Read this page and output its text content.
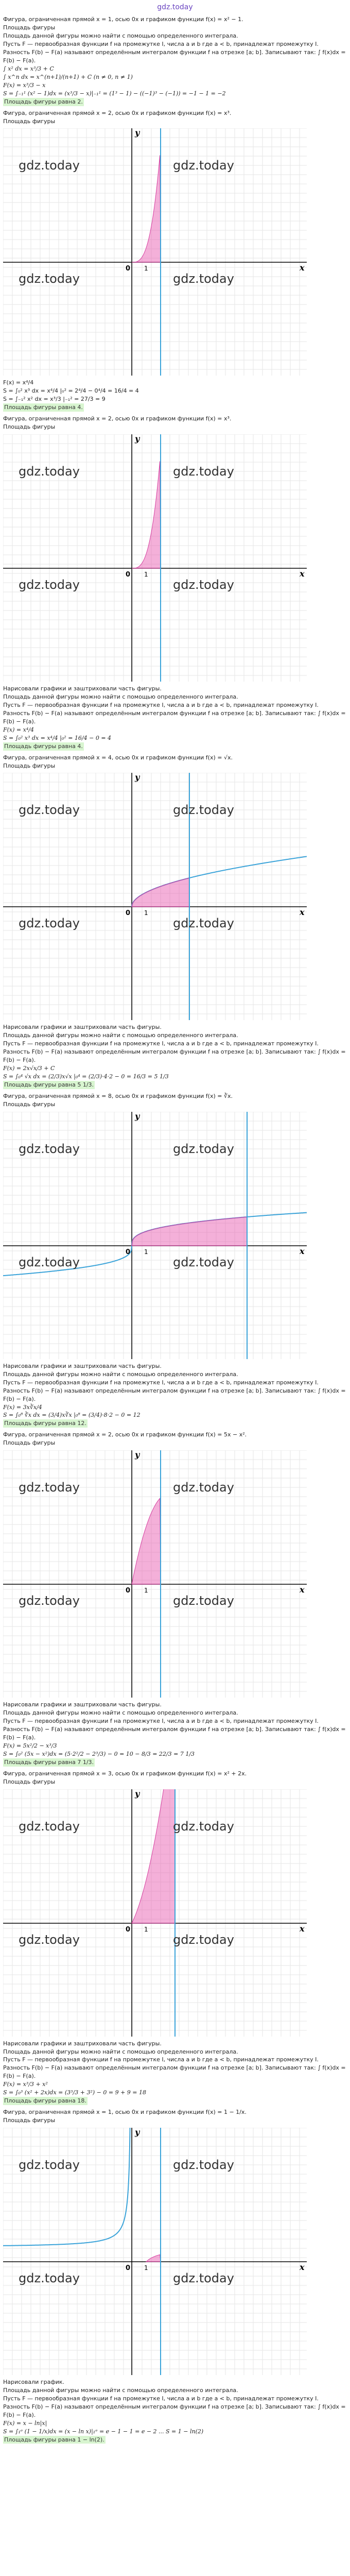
gdz.today

Фигура, ограниченная прямой x = 1, осью 0x и графиком функции f(x) = x² − 1.

Площадь фигуры

Площадь данной фигуры можно найти с помощью определенного интеграла.

Пусть F — первообразная функции f на промежутке I, числа a и b где a < b, принадлежат промежутку I. Разность F(b) − F(a) называют определённым интегралом функции f на отрезке [a; b]. Записывают так: ∫ f(x)dx = F(b) − F(a).

∫ x² dx = x³/3 + C

∫ x^n dx = x^(n+1)/(n+1) + C (n ≠ 0, n ≠ 1)

F(x) = x³/3 − x

S = ∫₋₁¹ (x² − 1)dx = (x³/3 − x)|₋₁¹ = (1³ − 1) − ((−1)³ − (−1)) = −1 − 1 = −2

Площадь фигуры равна 2.

Фигура, ограниченная прямой x = 2, осью 0x и графиком функции f(x) = x³.

Площадь фигуры

x
y
0 1
gdz.today	gdz.today
gdz.today	gdz.today

F(x) = x⁴/4

S = ∫₀² x³ dx = x⁴/4 |₀² = 2⁴/4 − 0⁴/4 = 16/4 = 4

S = ∫₋₁² x² dx = x³/3 |₋₁² = 27/3 = 9

Площадь фигуры равна 4.

Фигура, ограниченная прямой x = 2, осью 0x и графиком функции f(x) = x³.

Площадь фигуры

x
y
0 1
gdz.today	gdz.today
gdz.today	gdz.today

Нарисовали графики и заштриховали часть фигуры.

Площадь данной фигуры можно найти с помощью определенного интеграла.

Пусть F — первообразная функции f на промежутке I, числа a и b где a < b, принадлежат промежутку I. Разность F(b) − F(a) называют определённым интегралом функции f на отрезке [a; b]. Записывают так: ∫ f(x)dx = F(b) − F(a).

F(x) = x⁴/4

S = ∫₀² x³ dx = x⁴/4 |₀² = 16/4 − 0 = 4

Площадь фигуры равна 4.

Фигура, ограниченная прямой x = 4, осью 0x и графиком функции f(x) = √x.

Площадь фигуры

x
y
0 1
gdz.today	gdz.today
gdz.today	gdz.today

Нарисовали графики и заштриховали часть фигуры.

Площадь данной фигуры можно найти с помощью определенного интеграла.

Пусть F — первообразная функции f на промежутке I, числа a и b где a < b, принадлежат промежутку I. Разность F(b) − F(a) называют определённым интегралом функции f на отрезке [a; b]. Записывают так: ∫ f(x)dx = F(b) − F(a).

F(x) = 2x√x/3 + C

S = ∫₀⁴ √x dx = (2/3)x√x |₀⁴ = (2/3)·4·2 − 0 = 16/3 = 5 1/3

Площадь фигуры равна 5 1/3.

Фигура, ограниченная прямой x = 8, осью 0x и графиком функции f(x) = ∛x.

Площадь фигуры

x
y
0 1
gdz.today	gdz.today
gdz.today	gdz.today

Нарисовали графики и заштриховали часть фигуры.

Площадь данной фигуры можно найти с помощью определенного интеграла.

Пусть F — первообразная функции f на промежутке I, числа a и b где a < b, принадлежат промежутку I. Разность F(b) − F(a) называют определённым интегралом функции f на отрезке [a; b]. Записывают так: ∫ f(x)dx = F(b) − F(a).

F(x) = 3x∛x/4

S = ∫₀⁸ ∛x dx = (3/4)x∛x |₀⁸ = (3/4)·8·2 − 0 = 12

Площадь фигуры равна 12.

Фигура, ограниченная прямой x = 2, осью 0x и графиком функции f(x) = 5x − x².

Площадь фигуры

x
y
0 1
gdz.today	gdz.today
gdz.today	gdz.today

Нарисовали графики и заштриховали часть фигуры.

Площадь данной фигуры можно найти с помощью определенного интеграла.

Пусть F — первообразная функции f на промежутке I, числа a и b где a < b, принадлежат промежутку I. Разность F(b) − F(a) называют определённым интегралом функции f на отрезке [a; b]. Записывают так: ∫ f(x)dx = F(b) − F(a).

F(x) = 5x²/2 − x³/3

S = ∫₀² (5x − x²)dx = (5·2²/2 − 2³/3) − 0 = 10 − 8/3 = 22/3 = 7 1/3

Площадь фигуры равна 7 1/3.

Фигура, ограниченная прямой x = 3, осью 0x и графиком функции f(x) = x² + 2x.

Площадь фигуры

x
y
0 1
gdz.today	gdz.today
gdz.today	gdz.today

Нарисовали графики и заштриховали часть фигуры.

Площадь данной фигуры можно найти с помощью определенного интеграла.

Пусть F — первообразная функции f на промежутке I, числа a и b где a < b, принадлежат промежутку I. Разность F(b) − F(a) называют определённым интегралом функции f на отрезке [a; b]. Записывают так: ∫ f(x)dx = F(b) − F(a).

F(x) = x³/3 + x²

S = ∫₀³ (x² + 2x)dx = (3³/3 + 3²) − 0 = 9 + 9 = 18

Площадь фигуры равна 18.

Фигура, ограниченная прямой x = 1, осью 0x и графиком функции f(x) = 1 − 1/x.

Площадь фигуры

x
y
0 1
gdz.today	gdz.today
gdz.today	gdz.today

Нарисовали график.

Площадь данной фигуры можно найти с помощью определенного интеграла.

Пусть F — первообразная функции f на промежутке I, числа a и b где a < b, принадлежат промежутку I. Разность F(b) − F(a) называют определённым интегралом функции f на отрезке [a; b]. Записывают так: ∫ f(x)dx = F(b) − F(a).

F(x) = x − ln|x|

S = ∫₁ᵉ (1 − 1/x)dx = (x − ln x)|₁ᵉ = e − 1 − 1 = e − 2 ... S = 1 − ln(2)

Площадь фигуры равна 1 − ln(2).
